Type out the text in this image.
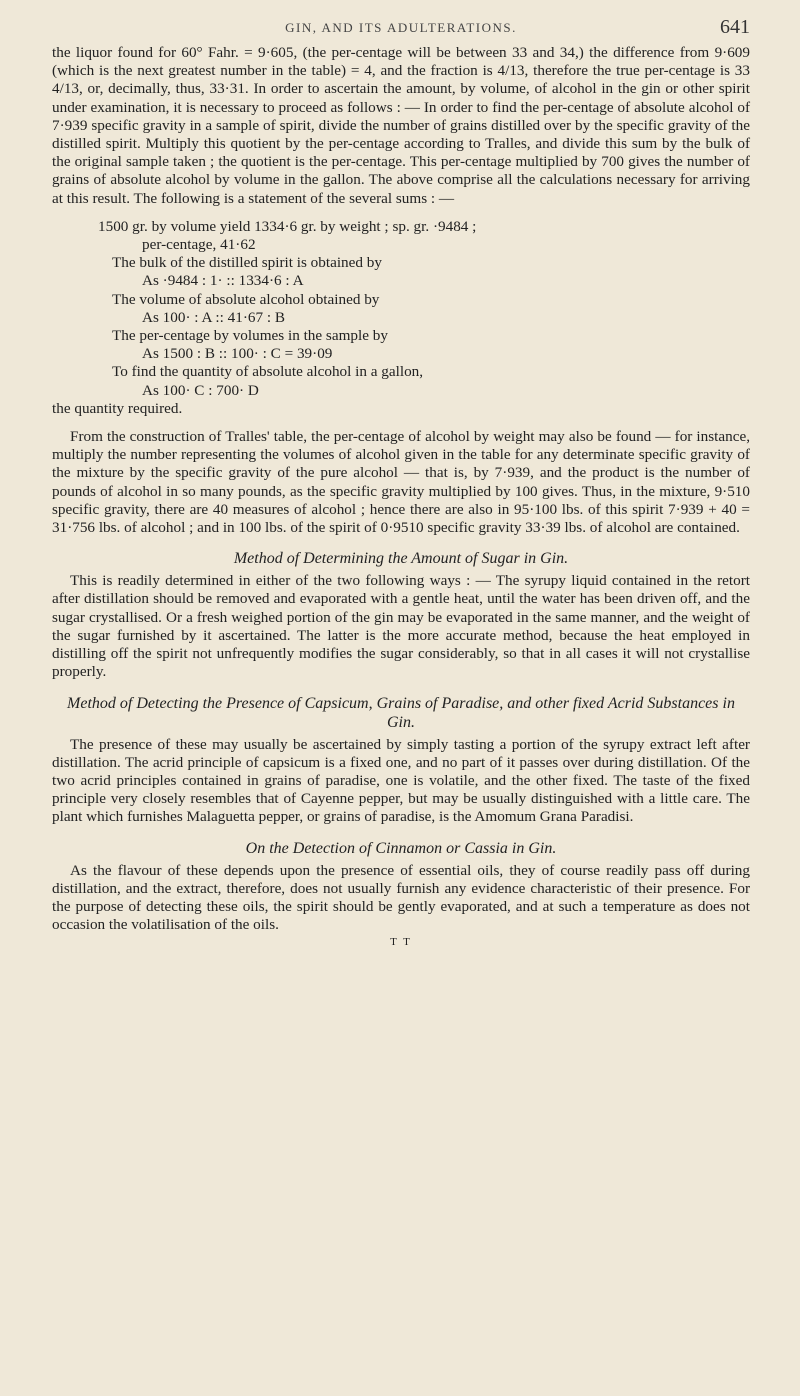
GIN, AND ITS ADULTERATIONS.	641

the liquor found for 60° Fahr. = 9·605, (the per-centage will be between 33 and 34,) the difference from 9·609 (which is the next greatest number in the table) = 4, and the fraction is 4/13, therefore the true per-centage is 33 4/13, or, decimally, thus, 33·31. In order to ascertain the amount, by volume, of alcohol in the gin or other spirit under examination, it is necessary to proceed as follows : — In order to find the per-centage of absolute alcohol of 7·939 specific gravity in a sample of spirit, divide the number of grains distilled over by the specific gravity of the distilled spirit. Multiply this quotient by the per-centage according to Tralles, and divide this sum by the bulk of the original sample taken ; the quotient is the per-centage. This per-centage multiplied by 700 gives the number of grains of absolute alcohol by volume in the gallon. The above comprise all the calculations necessary for arriving at this result. The following is a statement of the several sums : —

1500 gr. by volume yield 1334·6 gr. by weight ; sp. gr. ·9484 ;
per-centage, 41·62
The bulk of the distilled spirit is obtained by
As ·9484 : 1· :: 1334·6 : A
The volume of absolute alcohol obtained by
As 100· : A :: 41·67 : B
The per-centage by volumes in the sample by
As 1500 : B :: 100· : C = 39·09
To find the quantity of absolute alcohol in a gallon,
As 100· C : 700· D
the quantity required.

From the construction of Tralles' table, the per-centage of alcohol by weight may also be found — for instance, multiply the number representing the volumes of alcohol given in the table for any determinate specific gravity of the mixture by the specific gravity of the pure alcohol — that is, by 7·939, and the product is the number of pounds of alcohol in so many pounds, as the specific gravity multiplied by 100 gives. Thus, in the mixture, 9·510 specific gravity, there are 40 measures of alcohol ; hence there are also in 95·100 lbs. of this spirit 7·939 + 40 = 31·756 lbs. of alcohol ; and in 100 lbs. of the spirit of 0·9510 specific gravity 33·39 lbs. of alcohol are contained.

Method of Determining the Amount of Sugar in Gin.

This is readily determined in either of the two following ways : — The syrupy liquid contained in the retort after distillation should be removed and evaporated with a gentle heat, until the water has been driven off, and the sugar crystallised. Or a fresh weighed portion of the gin may be evaporated in the same manner, and the weight of the sugar furnished by it ascertained. The latter is the more accurate method, because the heat employed in distilling off the spirit not unfrequently modifies the sugar considerably, so that in all cases it will not crystallise properly.

Method of Detecting the Presence of Capsicum, Grains of Paradise, and other fixed Acrid Substances in Gin.

The presence of these may usually be ascertained by simply tasting a portion of the syrupy extract left after distillation. The acrid principle of capsicum is a fixed one, and no part of it passes over during distillation. Of the two acrid principles contained in grains of paradise, one is volatile, and the other fixed. The taste of the fixed principle very closely resembles that of Cayenne pepper, but may be usually distinguished with a little care. The plant which furnishes Malaguetta pepper, or grains of paradise, is the Amomum Grana Paradisi.

On the Detection of Cinnamon or Cassia in Gin.

As the flavour of these depends upon the presence of essential oils, they of course readily pass off during distillation, and the extract, therefore, does not usually furnish any evidence characteristic of their presence. For the purpose of detecting these oils, the spirit should be gently evaporated, and at such a temperature as does not occasion the volatilisation of the oils.

T T
